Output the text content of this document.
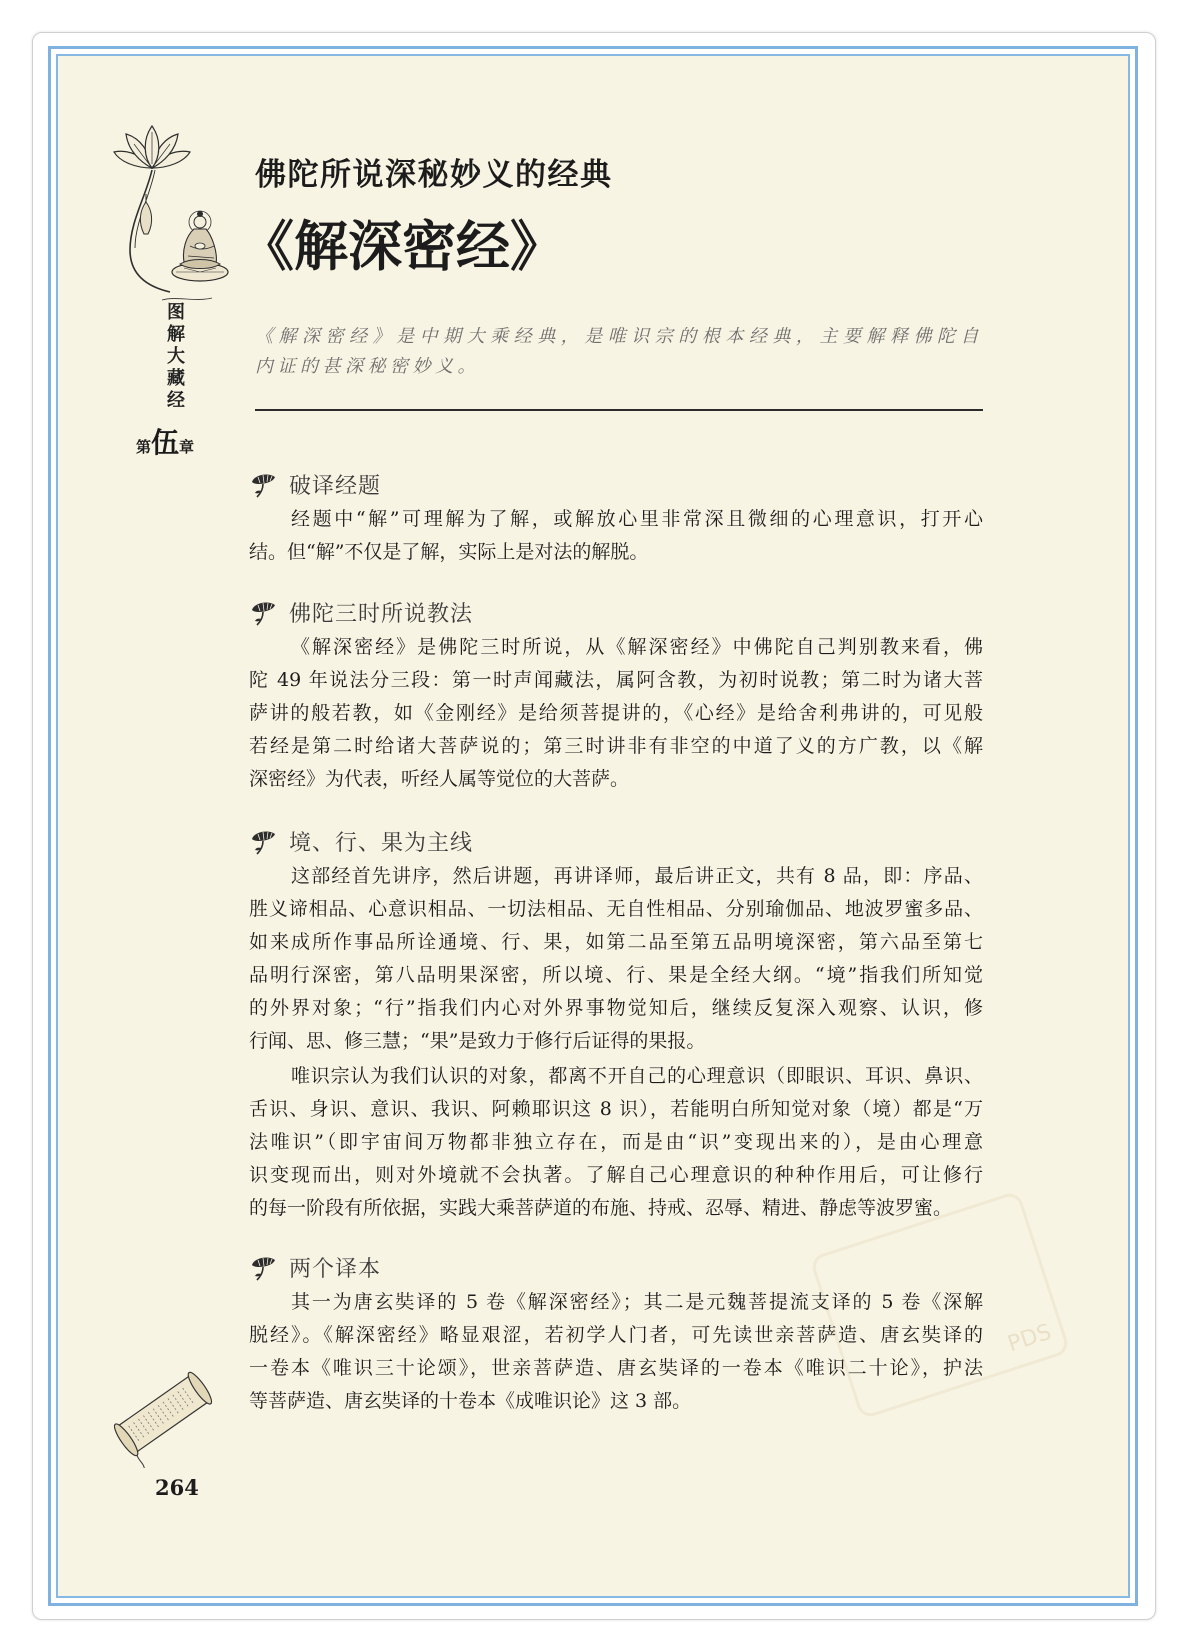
图解大藏经
第伍章
佛陀所说深秘妙义的经典
《解深密经》
《解深密经》是中期大乘经典，是唯识宗的根本经典，主要解释佛陀自
内证的甚深秘密妙义。
破译经题
经题中“解”可理解为了解，或解放心里非常深且微细的心理意识，打开心
结。但“解”不仅是了解，实际上是对法的解脱。
佛陀三时所说教法
《解深密经》是佛陀三时所说，从《解深密经》中佛陀自己判别教来看，佛
陀 49 年说法分三段：第一时声闻藏法，属阿含教，为初时说教；第二时为诸大菩
萨讲的般若教，如《金刚经》是给须菩提讲的，《心经》是给舍利弗讲的，可见般
若经是第二时给诸大菩萨说的；第三时讲非有非空的中道了义的方广教，以《解
深密经》为代表，听经人属等觉位的大菩萨。
境、行、果为主线
这部经首先讲序，然后讲题，再讲译师，最后讲正文，共有 8 品，即：序品、
胜义谛相品、心意识相品、一切法相品、无自性相品、分别瑜伽品、地波罗蜜多品、
如来成所作事品所诠通境、行、果，如第二品至第五品明境深密，第六品至第七
品明行深密，第八品明果深密，所以境、行、果是全经大纲。“境”指我们所知觉
的外界对象；“行”指我们内心对外界事物觉知后，继续反复深入观察、认识，修
行闻、思、修三慧；“果”是致力于修行后证得的果报。
唯识宗认为我们认识的对象，都离不开自己的心理意识（即眼识、耳识、鼻识、
舌识、身识、意识、我识、阿赖耶识这 8 识），若能明白所知觉对象（境）都是“万
法唯识”（即宇宙间万物都非独立存在，而是由“识”变现出来的），是由心理意
识变现而出，则对外境就不会执著。了解自己心理意识的种种作用后，可让修行
的每一阶段有所依据，实践大乘菩萨道的布施、持戒、忍辱、精进、静虑等波罗蜜。
两个译本
其一为唐玄奘译的 5 卷《解深密经》；其二是元魏菩提流支译的 5 卷《深解
脱经》。《解深密经》略显艰涩，若初学人门者，可先读世亲菩萨造、唐玄奘译的
一卷本《唯识三十论颂》，世亲菩萨造、唐玄奘译的一卷本《唯识二十论》，护法
等菩萨造、唐玄奘译的十卷本《成唯识论》这 3 部。
264
PDS
